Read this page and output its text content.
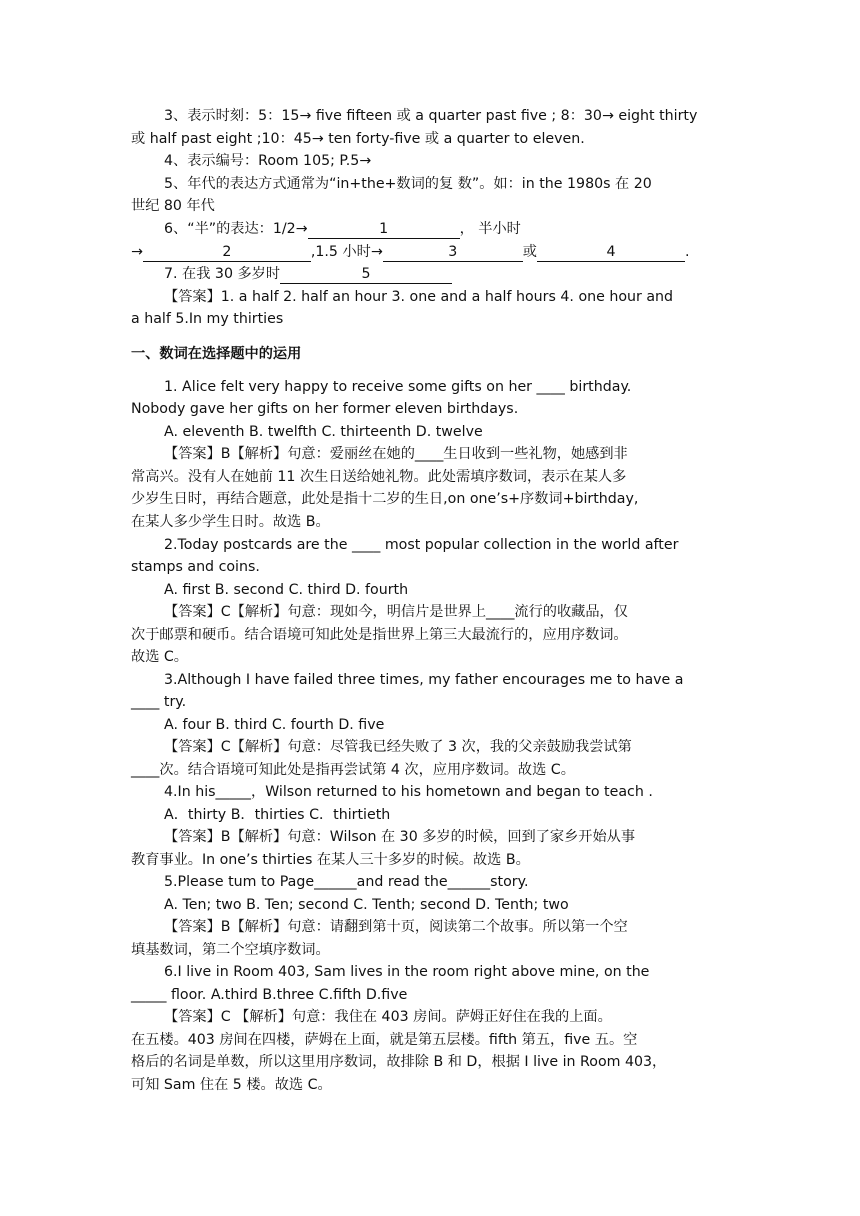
3、表示时刻：5：15→ five fifteen 或 a quarter past five ; 8：30→ eight thirty
或 half past eight ;10：45→ ten forty-five 或 a quarter to eleven.
4、表示编号：Room 105; P.5→
5、年代的表达方式通常为“in+the+数词的复 数”。如：in the 1980s 在 20
世纪 80 年代
6、“半”的表达：1/2→	1	， 半小时
→	2	,1.5 小时→	3	或	4	.
7. 在我 30 多岁时	5
【答案】1. a half 2. half an hour 3. one and a half hours 4. one hour and
a half 5.In my thirties
一、数词在选择题中的运用
1. Alice felt very happy to receive some gifts on her ____ birthday.
Nobody gave her gifts on her former eleven birthdays.
A. eleventh B. twelfth C. thirteenth D. twelve
【答案】B【解析】句意：爱丽丝在她的____生日收到一些礼物，她感到非
常高兴。没有人在她前 11 次生日送给她礼物。此处需填序数词，表示在某人多
少岁生日时，再结合题意，此处是指十二岁的生日,on one’s+序数词+birthday,
在某人多少学生日时。故选 B。
2.Today postcards are the ____ most popular collection in the world after
stamps and coins.
A. first B. second C. third D. fourth
【答案】C【解析】句意：现如今，明信片是世界上____流行的收藏品，仅
次于邮票和硬币。结合语境可知此处是指世界上第三大最流行的，应用序数词。
故选 C。
3.Although I have failed three times, my father encourages me to have a
____ try.
A. four B. third C. fourth D. five
【答案】C【解析】句意：尽管我已经失败了 3 次，我的父亲鼓励我尝试第
____次。结合语境可知此处是指再尝试第 4 次，应用序数词。故选 C。
4.In his_____，Wilson returned to his hometown and began to teach .
A．thirty B．thirties C．thirtieth
【答案】B【解析】句意：Wilson 在 30 多岁的时候，回到了家乡开始从事
教育事业。In one’s thirties 在某人三十多岁的时候。故选 B。
5.Please tum to Page______and read the______story.
A. Ten; two B. Ten; second C. Tenth; second D. Tenth; two
【答案】B【解析】句意：请翻到第十页，阅读第二个故事。所以第一个空
填基数词，第二个空填序数词。
6.I live in Room 403, Sam lives in the room right above mine, on the
_____ floor. A.third B.three C.fifth D.five
【答案】C 【解析】句意：我住在 403 房间。萨姆正好住在我的上面。
在五楼。403 房间在四楼，萨姆在上面，就是第五层楼。fifth 第五，five 五。空
格后的名词是单数，所以这里用序数词，故排除 B 和 D，根据 I live in Room 403，
可知 Sam 住在 5 楼。故选 C。
